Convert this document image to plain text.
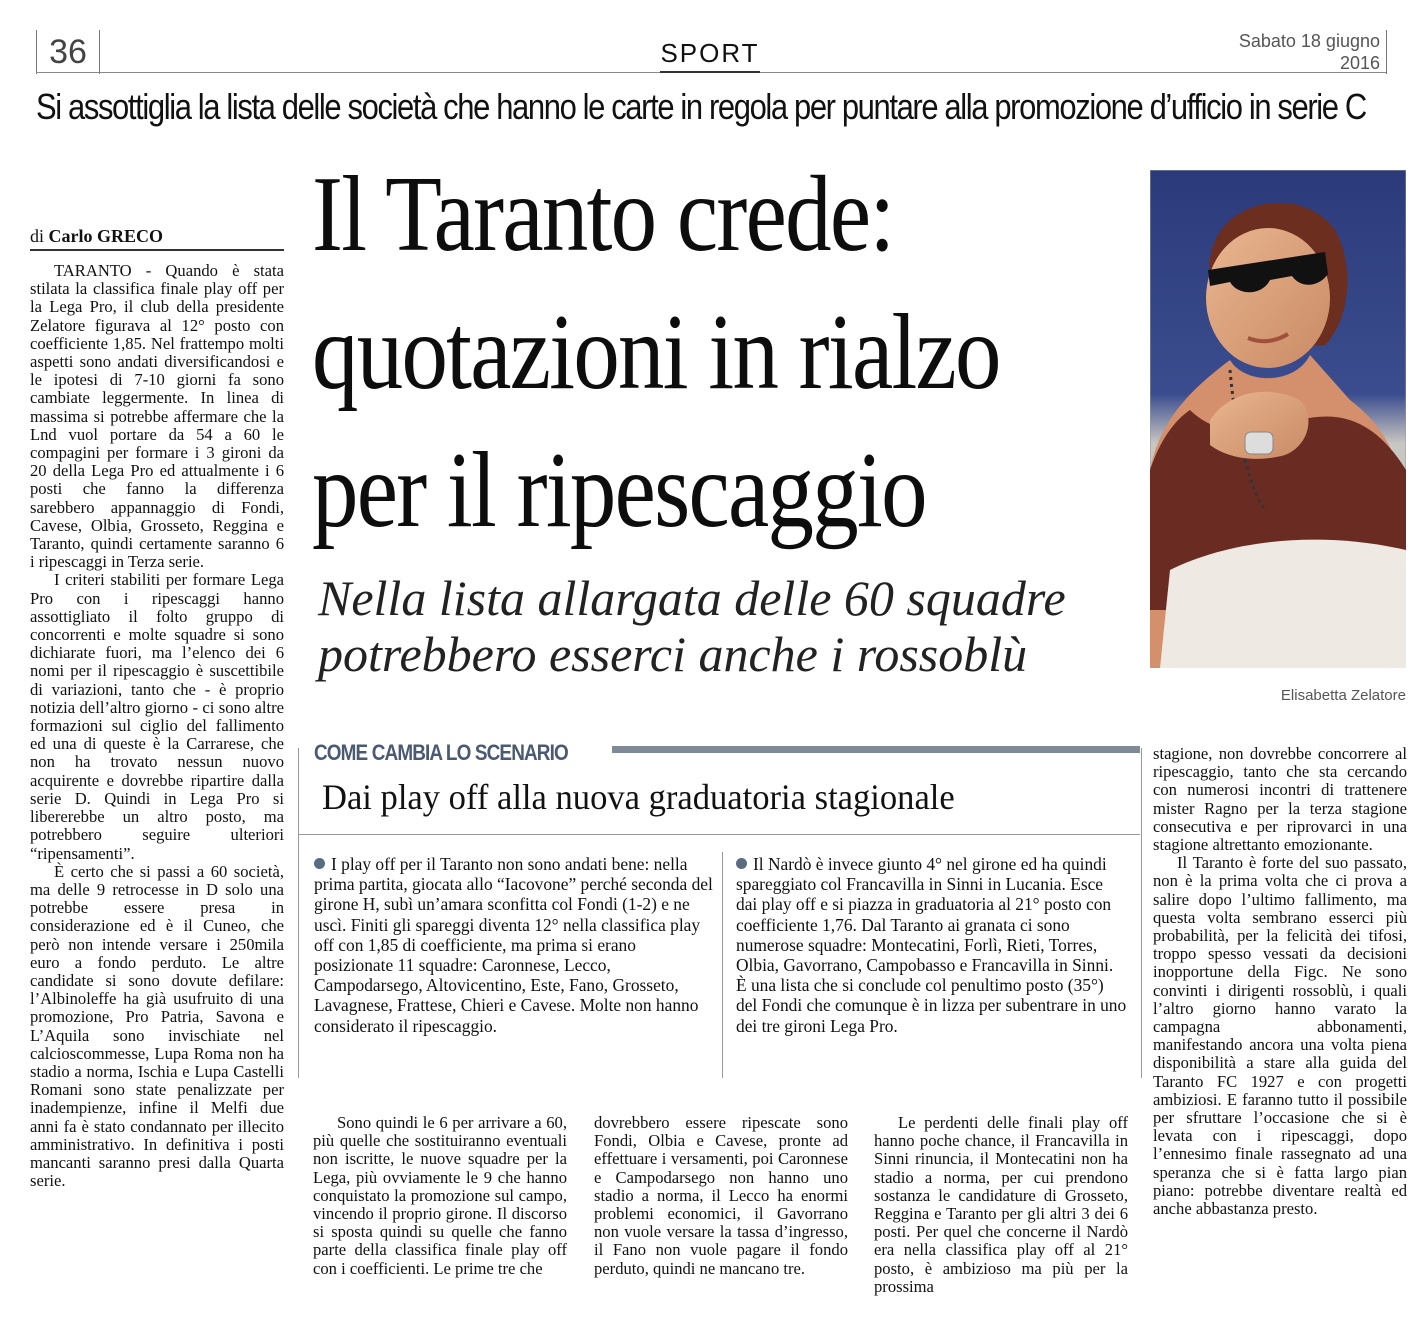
36	SPORT	Sabato 18 giugno
2016
Si assottiglia la lista delle società che hanno le carte in regola per puntare alla promozione d’ufficio in serie C
Il Taranto crede:
quotazioni in rialzo
per il ripescaggio
Nella lista allargata delle 60 squadre
potrebbero esserci anche i rossoblù
di Carlo GRECO

TARANTO - Quando è stata stilata la classifica finale play off per la Lega Pro, il club della presidente Zelatore figurava al 12° posto con coefficiente 1,85. Nel frattempo molti aspetti sono andati diversificandosi e le ipotesi di 7-10 giorni fa sono cambiate leggermente. In linea di massima si potrebbe affermare che la Lnd vuol portare da 54 a 60 le compagini per formare i 3 gironi da 20 della Lega Pro ed attualmente i 6 posti che fanno la differenza sarebbero appannaggio di Fondi, Cavese, Olbia, Grosseto, Reggina e Taranto, quindi certamente saranno 6 i ripescaggi in Terza serie.

I criteri stabiliti per formare Lega Pro con i ripescaggi hanno assottigliato il folto gruppo di concorrenti e molte squadre si sono dichiarate fuori, ma l’elenco dei 6 nomi per il ripescaggio è suscettibile di variazioni, tanto che - è proprio notizia dell’altro giorno - ci sono altre formazioni sul ciglio del fallimento ed una di queste è la Carrarese, che non ha trovato nessun nuovo acquirente e dovrebbe ripartire dalla serie D. Quindi in Lega Pro si libererebbe un altro posto, ma potrebbero seguire ulteriori “ripensamenti”.

È certo che si passi a 60 società, ma delle 9 retrocesse in D solo una potrebbe essere presa in considerazione ed è il Cuneo, che però non intende versare i 250mila euro a fondo perduto. Le altre candidate si sono dovute defilare: l’Albinoleffe ha già usufruito di una promozione, Pro Patria, Savona e L’Aquila sono invischiate nel calcioscommesse, Lupa Roma non ha stadio a norma, Ischia e Lupa Castelli Romani sono state penalizzate per inadempienze, infine il Melfi due anni fa è stato condannato per illecito amministrativo. In definitiva i posti mancanti saranno presi dalla Quarta serie.

Elisabetta Zelatore
COME CAMBIA LO SCENARIO
Dai play off alla nuova graduatoria stagionale
I play off per il Taranto non sono andati bene: nella prima partita, giocata allo “Iacovone” perché seconda del girone H, subì un’amara sconfitta col Fondi (1-2) e ne uscì. Finiti gli spareggi diventa 12° nella classifica play off con 1,85 di coefficiente, ma prima si erano posizionate 11 squadre: Caronnese, Lecco, Campodarsego, Altovicentino, Este, Fano, Grosseto, Lavagnese, Frattese, Chieri e Cavese. Molte non hanno considerato il ripescaggio.
Il Nardò è invece giunto 4° nel girone ed ha quindi spareggiato col Francavilla in Sinni in Lucania. Esce dai play off e si piazza in graduatoria al 21° posto con coefficiente 1,76. Dal Taranto ai granata ci sono numerose squadre: Montecatini, Forlì, Rieti, Torres, Olbia, Gavorrano, Campobasso e Francavilla in Sinni. È una lista che si conclude col penultimo posto (35°) del Fondi che comunque è in lizza per subentrare in uno dei tre gironi Lega Pro.

Sono quindi le 6 per arrivare a 60, più quelle che sostituiranno eventuali non iscritte, le nuove squadre per la Lega, più ovviamente le 9 che hanno conquistato la promozione sul campo, vincendo il proprio girone. Il discorso si sposta quindi su quelle che fanno parte della classifica finale play off con i coefficienti. Le prime tre che

dovrebbero essere ripescate sono Fondi, Olbia e Cavese, pronte ad effettuare i versamenti, poi Caronnese e Campodarsego non hanno uno stadio a norma, il Lecco ha enormi problemi economici, il Gavorrano non vuole versare la tassa d’ingresso, il Fano non vuole pagare il fondo perduto, quindi ne mancano tre.

Le perdenti delle finali play off hanno poche chance, il Francavilla in Sinni rinuncia, il Montecatini non ha stadio a norma, per cui prendono sostanza le candidature di Grosseto, Reggina e Taranto per gli altri 3 dei 6 posti. Per quel che concerne il Nardò era nella classifica play off al 21° posto, è ambizioso ma più per la prossima

stagione, non dovrebbe concorrere al ripescaggio, tanto che sta cercando con numerosi incontri di trattenere mister Ragno per la terza stagione consecutiva e per riprovarci in una stagione altrettanto emozionante.

Il Taranto è forte del suo passato, non è la prima volta che ci prova a salire dopo l’ultimo fallimento, ma questa volta sembrano esserci più probabilità, per la felicità dei tifosi, troppo spesso vessati da decisioni inopportune della Figc. Ne sono convinti i dirigenti rossoblù, i quali l’altro giorno hanno varato la campagna abbonamenti, manifestando ancora una volta piena disponibilità a stare alla guida del Taranto FC 1927 e con progetti ambiziosi. E faranno tutto il possibile per sfruttare l’occasione che si è levata con i ripescaggi, dopo l’ennesimo finale rassegnato ad una speranza che si è fatta largo pian piano: potrebbe diventare realtà ed anche abbastanza presto.
